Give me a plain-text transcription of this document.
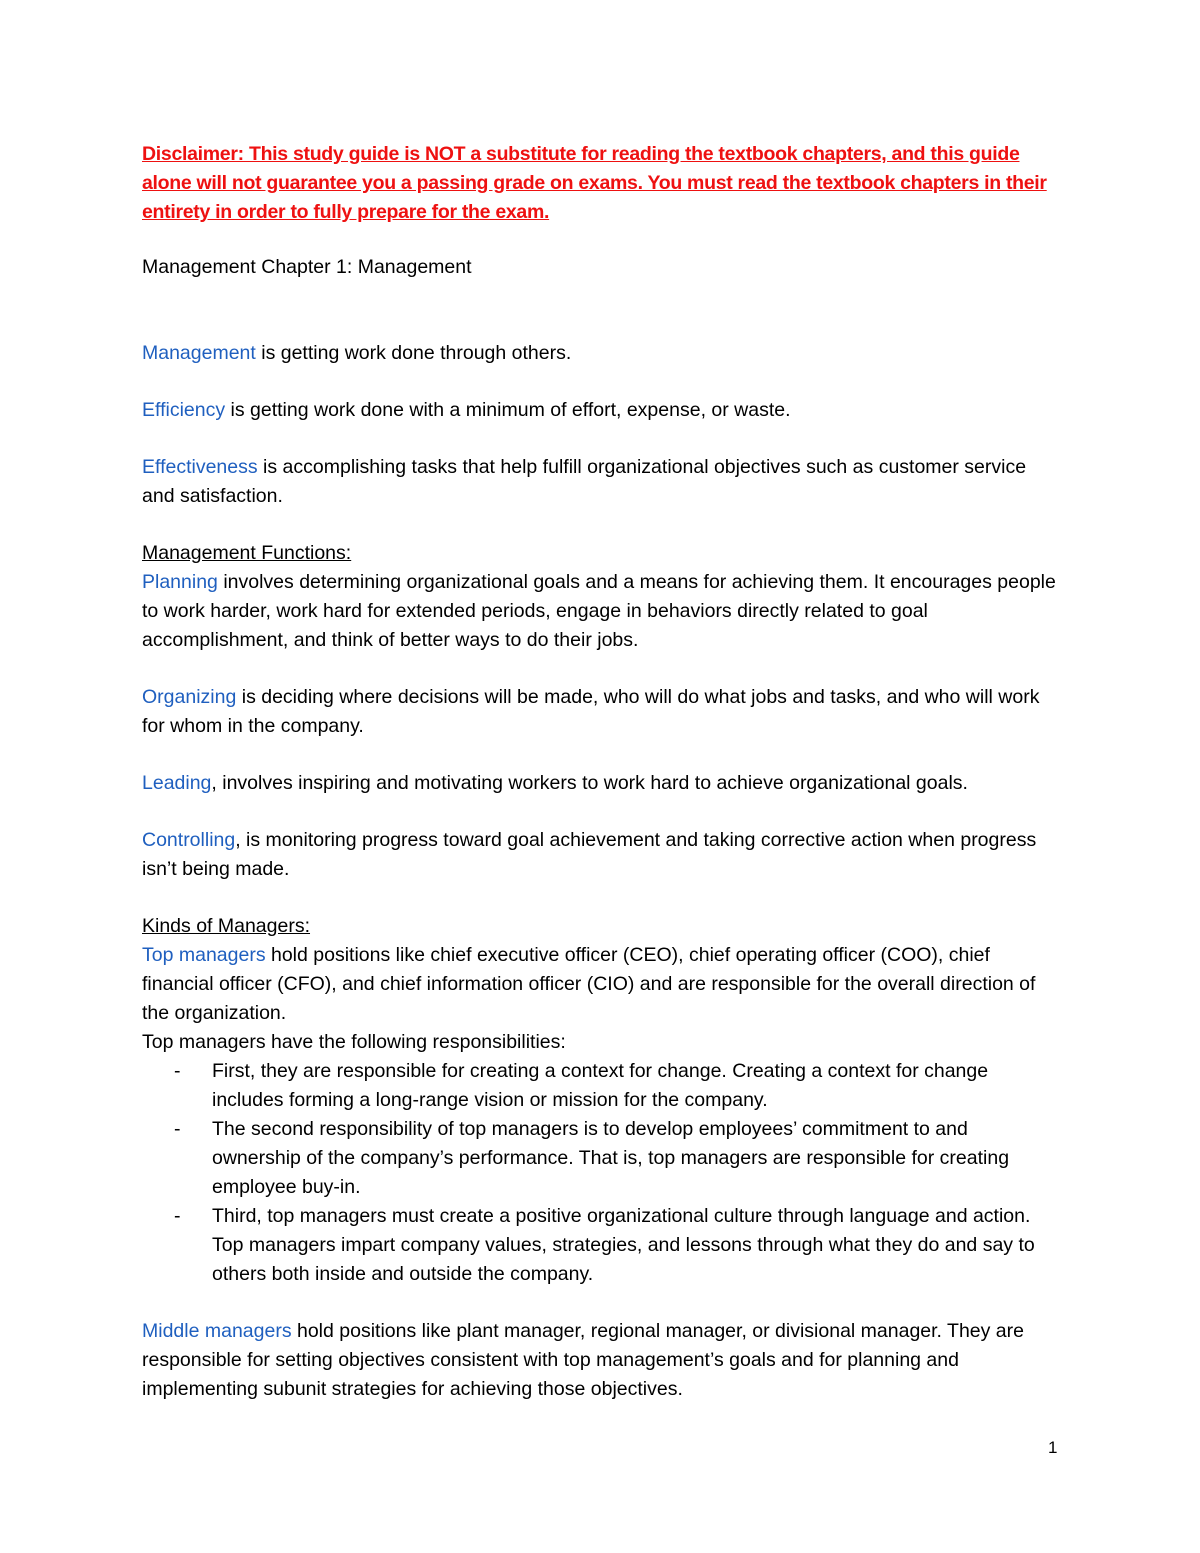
Disclaimer: This study guide is NOT a substitute for reading the textbook chapters, and this guide alone will not guarantee you a passing grade on exams. You must read the textbook chapters in their entirety in order to fully prepare for the exam.

Management Chapter 1: Management

Management is getting work done through others.

Efficiency is getting work done with a minimum of effort, expense, or waste.

Effectiveness is accomplishing tasks that help fulfill organizational objectives such as customer service and satisfaction.

Management Functions:

Planning involves determining organizational goals and a means for achieving them. It encourages people to work harder, work hard for extended periods, engage in behaviors directly related to goal accomplishment, and think of better ways to do their jobs.

Organizing is deciding where decisions will be made, who will do what jobs and tasks, and who will work for whom in the company.

Leading, involves inspiring and motivating workers to work hard to achieve organizational goals.

Controlling, is monitoring progress toward goal achievement and taking corrective action when progress isn’t being made.

Kinds of Managers:

Top managers hold positions like chief executive officer (CEO), chief operating officer (COO), chief financial officer (CFO), and chief information officer (CIO) and are responsible for the overall direction of the organization.

Top managers have the following responsibilities:

- First, they are responsible for creating a context for change. Creating a context for change includes forming a long-range vision or mission for the company.
- The second responsibility of top managers is to develop employees’ commitment to and ownership of the company’s performance. That is, top managers are responsible for creating employee buy-in.
- Third, top managers must create a positive organizational culture through language and action. Top managers impart company values, strategies, and lessons through what they do and say to others both inside and outside the company.

Middle managers hold positions like plant manager, regional manager, or divisional manager. They are responsible for setting objectives consistent with top management’s goals and for planning and implementing subunit strategies for achieving those objectives.

1
